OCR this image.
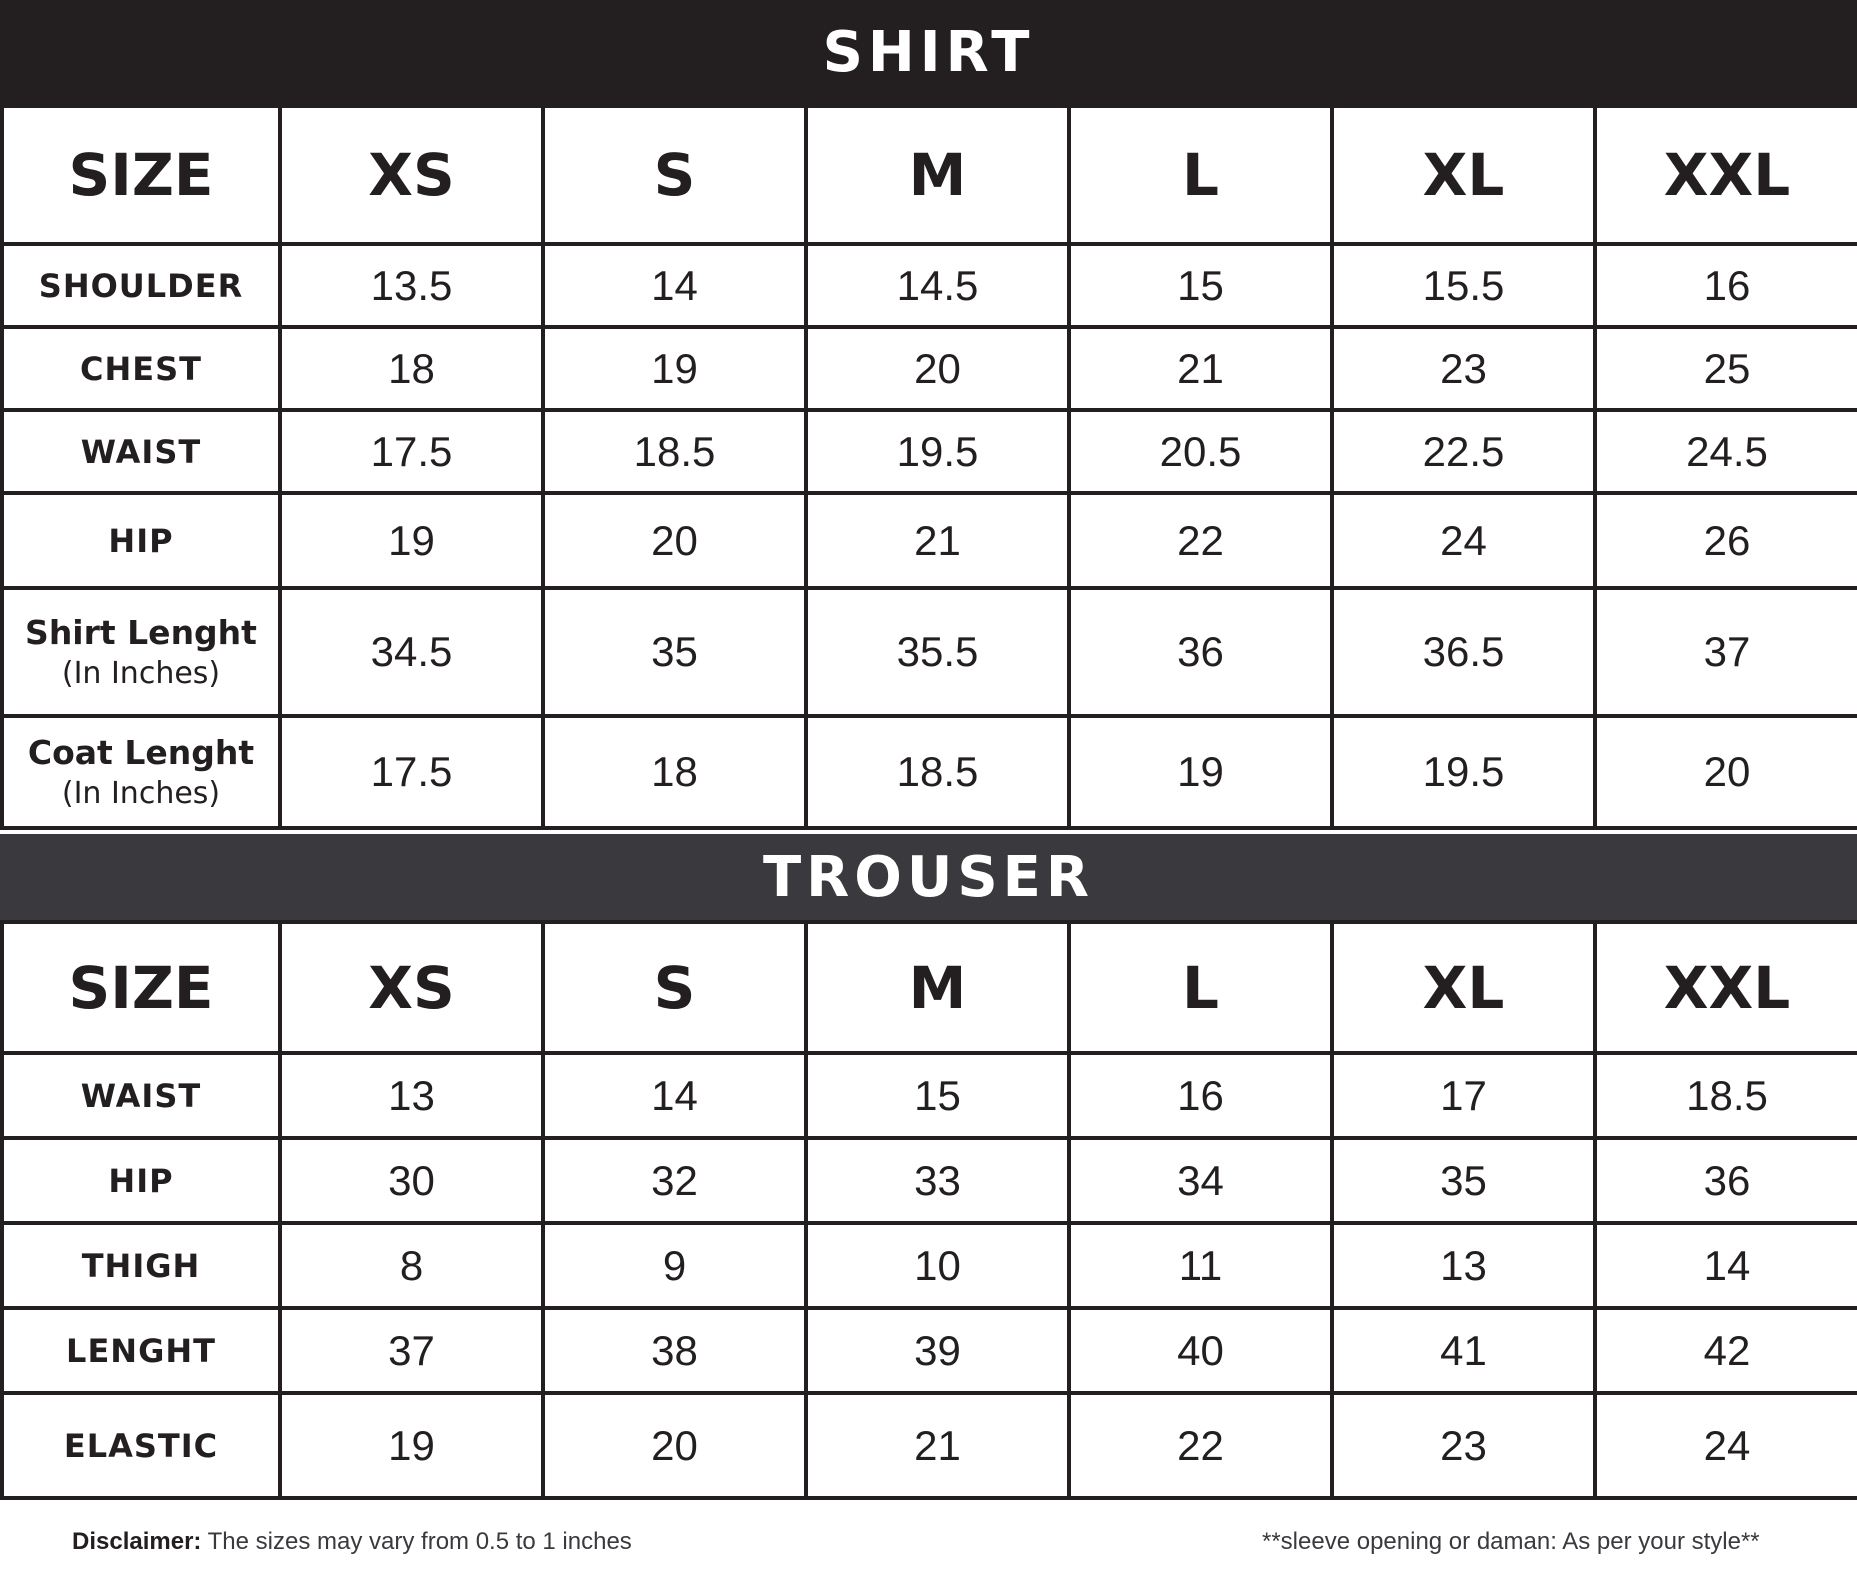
SHIRT
SIZE	XS	S	M	L	XL	XXL
SHOULDER	13.5	14	14.5	15	15.5	16
CHEST	18	19	20	21	23	25
WAIST	17.5	18.5	19.5	20.5	22.5	24.5
HIP	19	20	21	22	24	26

Shirt Lenght
(In Inches)	34.5	35	35.5	36	36.5	37

Coat Lenght
(In Inches)	17.5	18	18.5	19	19.5	20
TROUSER
SIZE	XS	S	M	L	XL	XXL
WAIST	13	14	15	16	17	18.5
HIP	30	32	33	34	35	36
THIGH	8	9	10	11	13	14
LENGHT	37	38	39	40	41	42
ELASTIC	19	20	21	22	23	24
Disclaimer: The sizes may vary from 0.5 to 1 inches	**sleeve opening or daman: As per your style**
